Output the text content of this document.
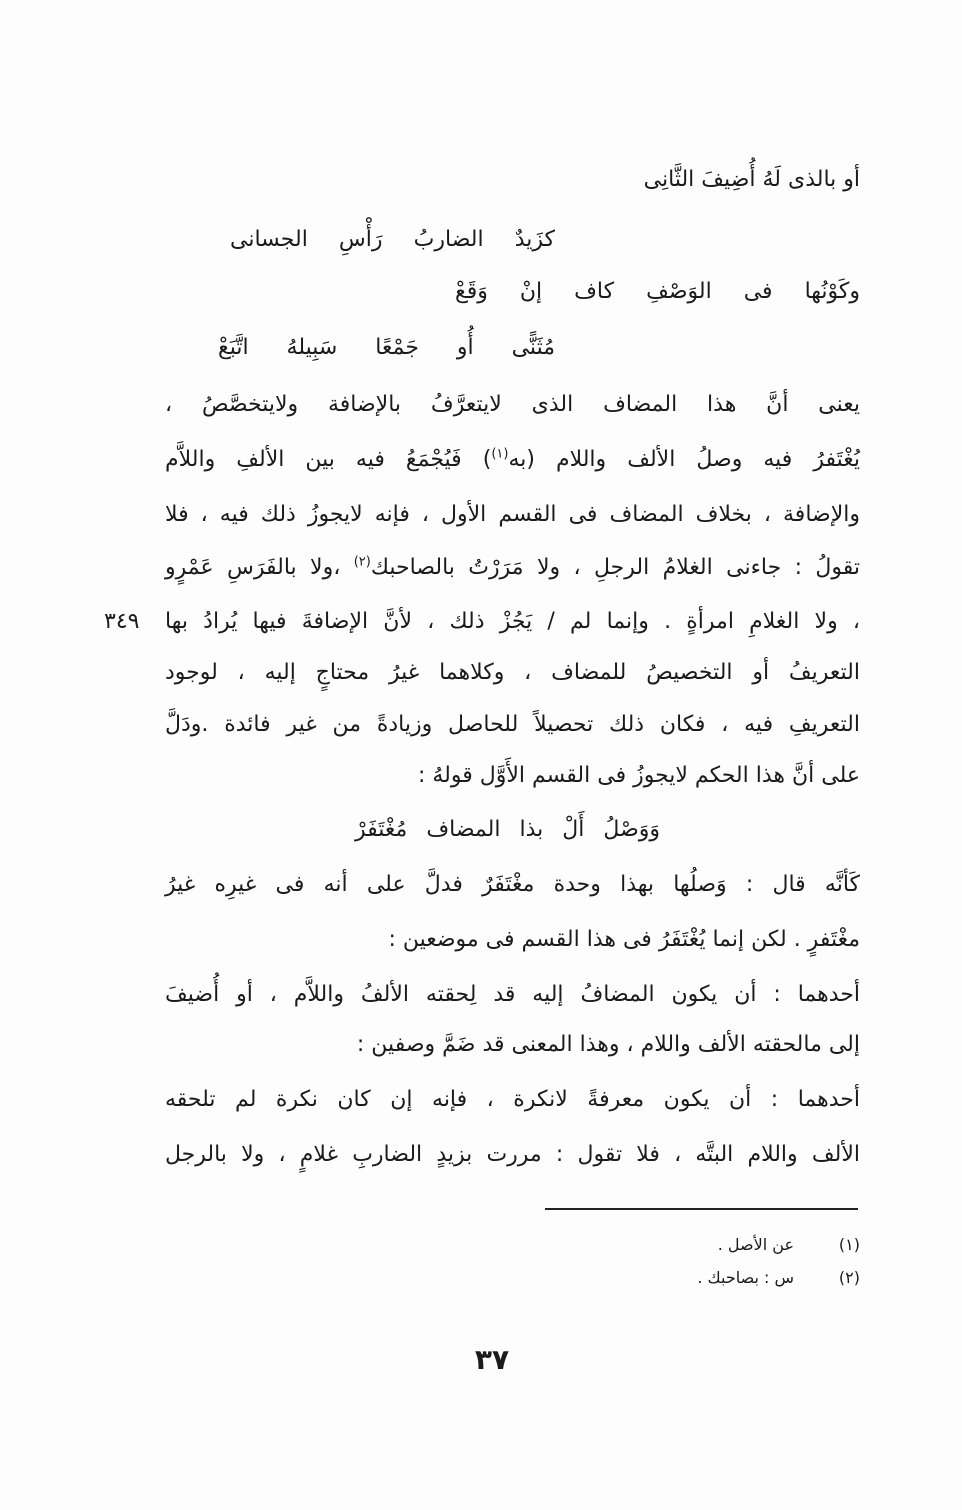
أو بالذى لَهُ أُضِيفَ الثَّانِى
كزَيدٌ الضاربُ رَأْسِ الجسانى
وكَوْنُها فى الوَصْفِ كاف إنْ وَقَعْ
مُثَنًّى أُو جَمْعًا سَبِيلهُ اتَّبَعْ
يعنى أنَّ هذا المضاف الذى لايتعرَّفُ بالإضافة ولايتخصَّصُ ،
يُغْتَفرُ فيه وصلُ الألف واللام (به$^{(١)}$) فَيُجْمَعُ فيه بين الألفِ واللاَّم
والإضافة ، بخلاف المضاف فى القسم الأول ، فإنه لايجوزُ ذلك فيه ، فلا
تقولُ : جاءنى الغلامُ الرجلِ ، ولا مَرَرْتُ بالصاحبك$^{(٢)}$ ،ولا بالفَرَسِ عَمْرٍو
، ولا الغلامِ امرأةٍ . وإنما لم / يَجُزْ ذلك ، لأنَّ الإضافةَ فيها يُرادُ بها
٣٤٩
التعريفُ أو التخصيصُ للمضاف ، وكلاهما غيرُ محتاجٍ إليه ، لوجود
التعريفِ فيه ، فكان ذلك تحصيلاً للحاصل وزيادةً من غير فائدة .ودَلَّ
على أنَّ هذا الحكم لايجوزُ فى القسم الأَوَّل قولهُ :
وَوَصْلُ أَلْ بذا المضاف مُغْتَفَرْ
كَأنَّه قال : وَصلُها بهذا وحدة مغْتَفَرٌ فدلَّ على أنه فى غيرِه غيرُ
مغْتَفرٍ . لكن إنما يُغْتَفَرُ فى هذا القسم فى موضعين :
أحدهما : أن يكون المضافُ إليه قد لِحقته الألفُ واللاَّم ، أو أُضيفَ
إلى مالحقته الألف واللام ، وهذا المعنى قد ضَمَّ وصفين :
أحدهما : أن يكون معرفةً لانكرة ، فإنه إن كان نكرة لم تلحقه
الألف واللام البتَّه ، فلا تقول : مررت بزيدٍ الضاربِ غلامٍ ، ولا بالرجل
(١)
عن الأصل .
(٢)
س : بصاحبك .
٣٧
